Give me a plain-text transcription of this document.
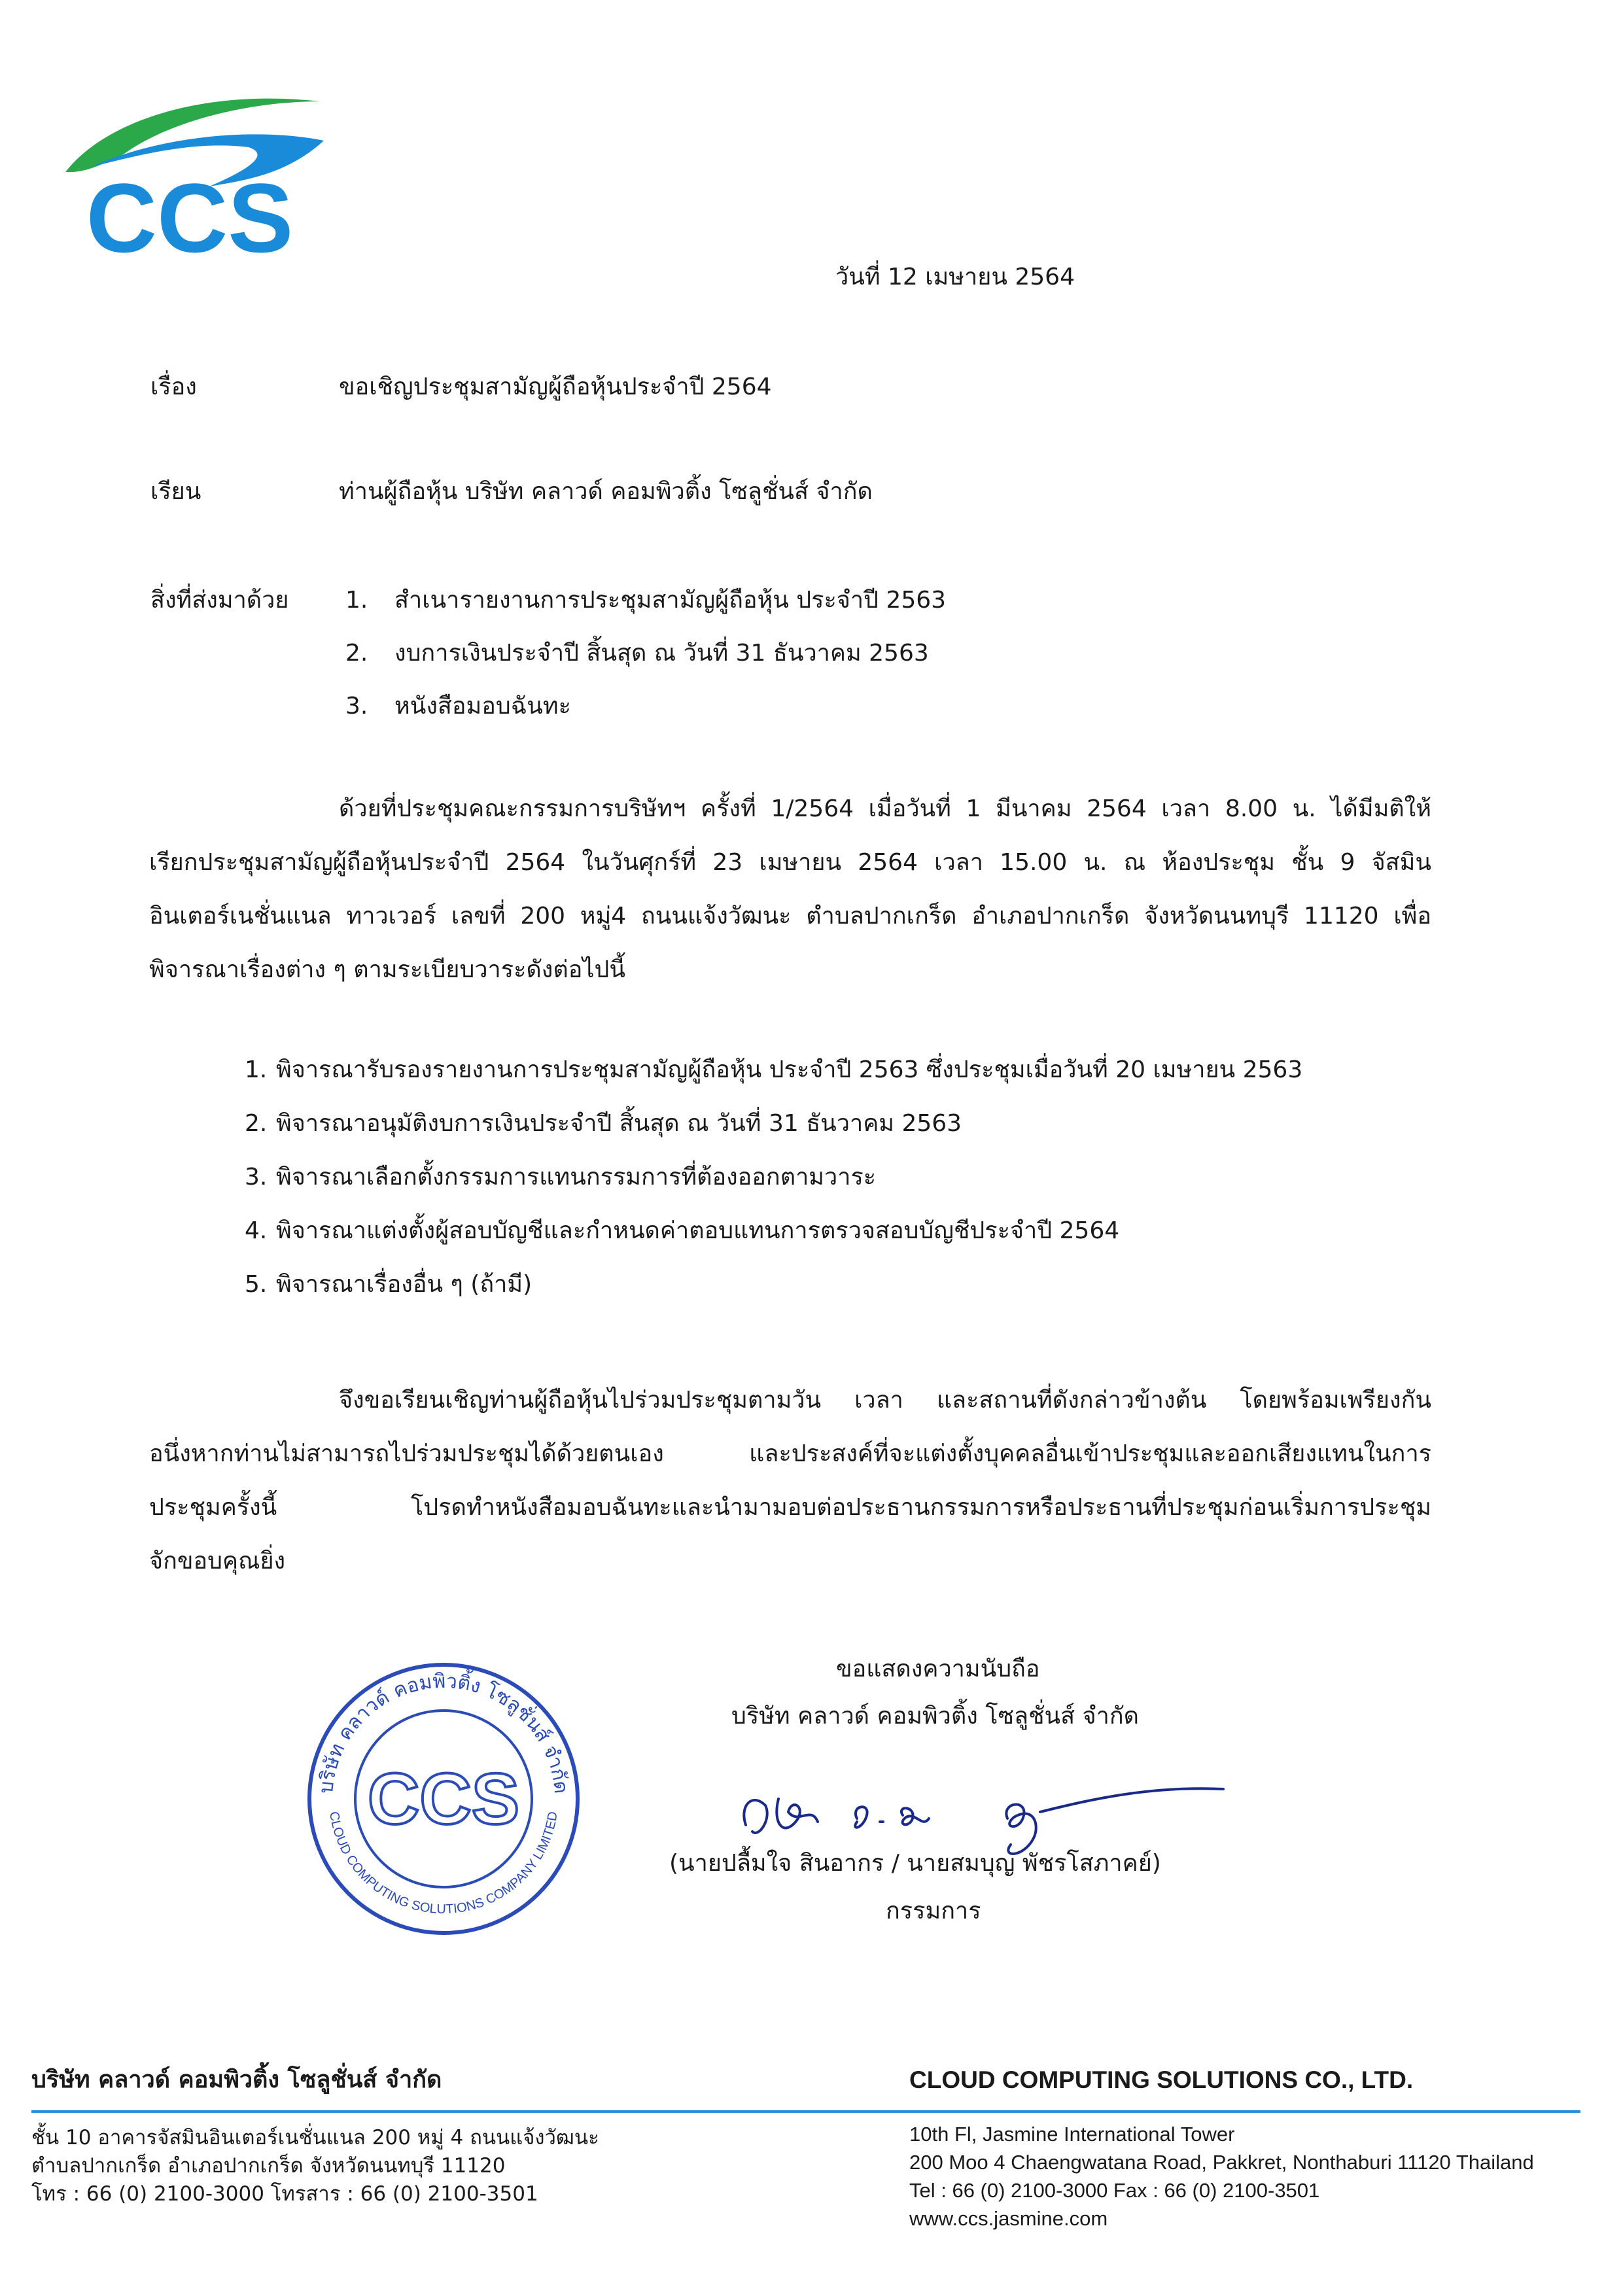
CCS
วันที่ 12 เมษายน 2564
เรื่อง	ขอเชิญประชุมสามัญผู้ถือหุ้นประจำปี 2564
เรียน	ท่านผู้ถือหุ้น บริษัท คลาวด์ คอมพิวติ้ง โซลูชั่นส์ จำกัด
สิ่งที่ส่งมาด้วย 1. สำเนารายงานการประชุมสามัญผู้ถือหุ้น ประจำปี 2563
2. งบการเงินประจำปี สิ้นสุด ณ วันที่ 31 ธันวาคม 2563
3. หนังสือมอบฉันทะ
ด้วยที่ประชุมคณะกรรมการบริษัทฯ ครั้งที่ 1/2564 เมื่อวันที่ 1 มีนาคม 2564 เวลา 8.00 น. ได้มีมติให้
เรียกประชุมสามัญผู้ถือหุ้นประจำปี 2564 ในวันศุกร์ที่ 23 เมษายน 2564 เวลา 15.00 น. ณ ห้องประชุม ชั้น 9 จัสมิน
อินเตอร์เนชั่นแนล ทาวเวอร์ เลขที่ 200 หมู่4 ถนนแจ้งวัฒนะ ตำบลปากเกร็ด อำเภอปากเกร็ด จังหวัดนนทบุรี 11120 เพื่อ
พิจารณาเรื่องต่าง ๆ ตามระเบียบวาระดังต่อไปนี้
1. พิจารณารับรองรายงานการประชุมสามัญผู้ถือหุ้น ประจำปี 2563 ซึ่งประชุมเมื่อวันที่ 20 เมษายน 2563
2. พิจารณาอนุมัติงบการเงินประจำปี สิ้นสุด ณ วันที่ 31 ธันวาคม 2563
3. พิจารณาเลือกตั้งกรรมการแทนกรรมการที่ต้องออกตามวาระ
4. พิจารณาแต่งตั้งผู้สอบบัญชีและกำหนดค่าตอบแทนการตรวจสอบบัญชีประจำปี 2564
5. พิจารณาเรื่องอื่น ๆ (ถ้ามี)
จึงขอเรียนเชิญท่านผู้ถือหุ้นไปร่วมประชุมตามวัน เวลา และสถานที่ดังกล่าวข้างต้น โดยพร้อมเพรียงกัน
อนึ่งหากท่านไม่สามารถไปร่วมประชุมได้ด้วยตนเอง และประสงค์ที่จะแต่งตั้งบุคคลอื่นเข้าประชุมและออกเสียงแทนในการ
ประชุมครั้งนี้ โปรดทำหนังสือมอบฉันทะและนำมามอบต่อประธานกรรมการหรือประธานที่ประชุมก่อนเริ่มการประชุม
จักขอบคุณยิ่ง
ขอแสดงความนับถือ
บริษัท คลาวด์ คอมพิวติ้ง โซลูชั่นส์ จำกัด
(นายปลื้มใจ สินอากร / นายสมบุญ พัชรโสภาคย์)
กรรมการ
บริษัท คลาวด์ คอมพิวติ้ง โซลูชั่นส์ จำกัด
CLOUD COMPUTING SOLUTIONS COMPANY LIMITED
CCS
บริษัท คลาวด์ คอมพิวติ้ง โซลูชั่นส์ จำกัด	CLOUD COMPUTING SOLUTIONS CO., LTD.
ชั้น 10 อาคารจัสมินอินเตอร์เนชั่นแนล 200 หมู่ 4 ถนนแจ้งวัฒนะ
ตำบลปากเกร็ด อำเภอปากเกร็ด จังหวัดนนทบุรี 11120
โทร : 66 (0) 2100-3000 โทรสาร : 66 (0) 2100-3501
10th Fl, Jasmine International Tower
200 Moo 4 Chaengwatana Road, Pakkret, Nonthaburi 11120 Thailand
Tel : 66 (0) 2100-3000 Fax : 66 (0) 2100-3501
www.ccs.jasmine.com
